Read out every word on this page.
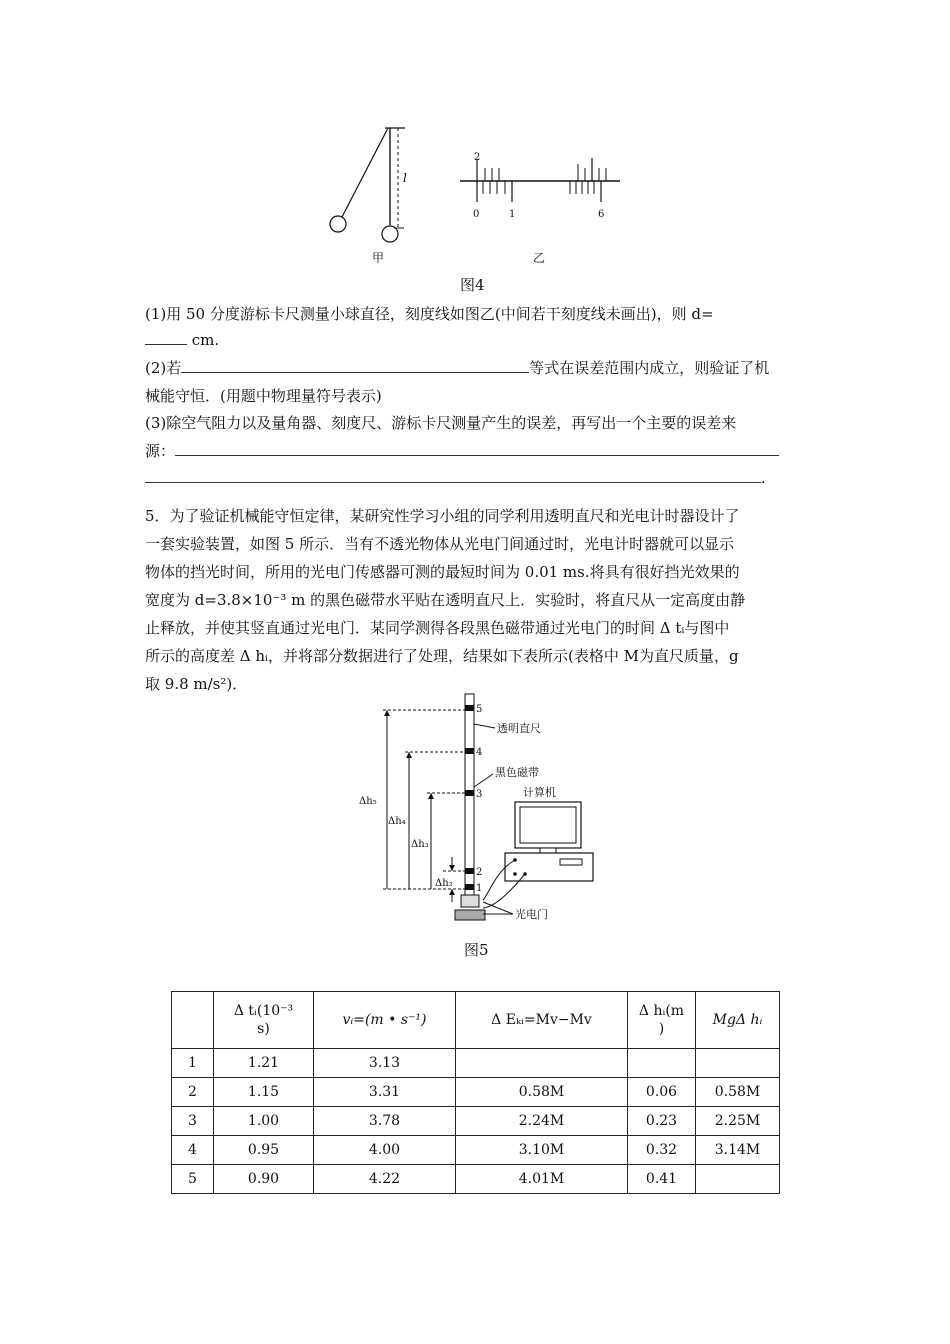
l
2
0	1	6
甲	乙
图4
(1)用 50 分度游标卡尺测量小球直径，刻度线如图乙(中间若干刻度线未画出)，则 d=
cm.
(2)若	等式在误差范围内成立，则验证了机
械能守恒．(用题中物理量符号表示)
(3)除空气阻力以及量角器、刻度尺、游标卡尺测量产生的误差，再写出一个主要的误差来
源：
.
5．为了验证机械能守恒定律，某研究性学习小组的同学利用透明直尺和光电计时器设计了
一套实验装置，如图 5 所示．当有不透光物体从光电门间通过时，光电计时器就可以显示
物体的挡光时间，所用的光电门传感器可测的最短时间为 0.01 ms.将具有很好挡光效果的
宽度为 d=3.8×10⁻³ m 的黑色磁带水平贴在透明直尺上．实验时，将直尺从一定高度由静
止释放，并使其竖直通过光电门．某同学测得各段黑色磁带通过光电门的时间 Δ tᵢ与图中
所示的高度差 Δ hᵢ，并将部分数据进行了处理，结果如下表所示(表格中 M为直尺质量，g
取 9.8 m/s²)．
5
4
3
2
1
Δh₅
Δh₄
Δh₃
Δh₂
透明直尺
黑色磁带
计算机
光电门
图5
	Δ tᵢ(10⁻³
s)	vᵢ=(m • s⁻¹)	Δ Eₖᵢ=Mv−Mv	Δ hᵢ(m
)	MgΔ hᵢ
1	1.21	3.13			
2	1.15	3.31	0.58M	0.06	0.58M
3	1.00	3.78	2.24M	0.23	2.25M
4	0.95	4.00	3.10M	0.32	3.14M
5	0.90	4.22	4.01M	0.41	
